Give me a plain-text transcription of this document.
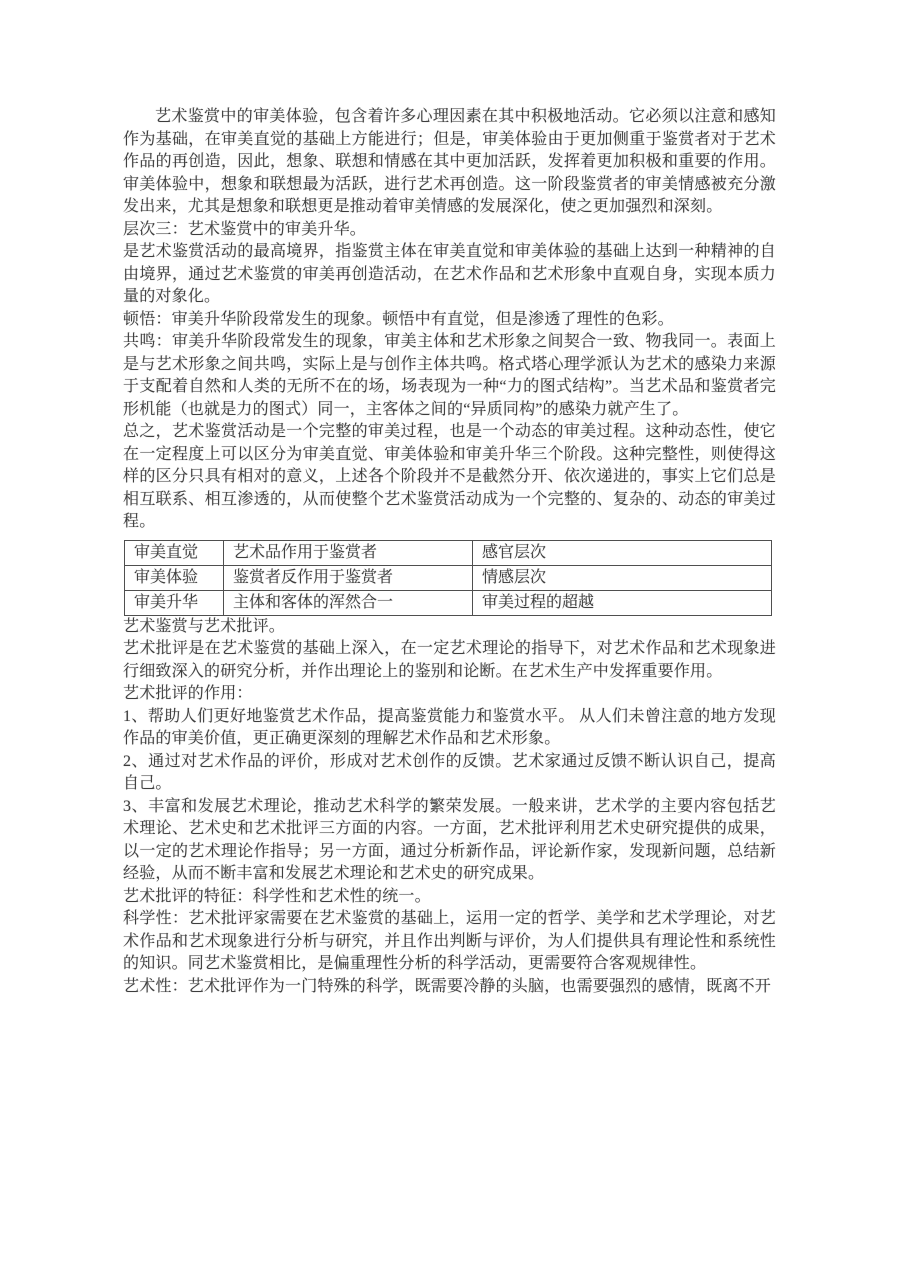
艺术鉴赏中的审美体验，包含着许多心理因素在其中积极地活动。它必须以注意和感知作为基础，在审美直觉的基础上方能进行；但是，审美体验由于更加侧重于鉴赏者对于艺术作品的再创造，因此，想象、联想和情感在其中更加活跃，发挥着更加积极和重要的作用。审美体验中，想象和联想最为活跃，进行艺术再创造。这一阶段鉴赏者的审美情感被充分激发出来，尤其是想象和联想更是推动着审美情感的发展深化，使之更加强烈和深刻。

层次三：艺术鉴赏中的审美升华。

是艺术鉴赏活动的最高境界，指鉴赏主体在审美直觉和审美体验的基础上达到一种精神的自由境界，通过艺术鉴赏的审美再创造活动，在艺术作品和艺术形象中直观自身，实现本质力量的对象化。

顿悟：审美升华阶段常发生的现象。顿悟中有直觉，但是渗透了理性的色彩。

共鸣：审美升华阶段常发生的现象，审美主体和艺术形象之间契合一致、物我同一。表面上是与艺术形象之间共鸣，实际上是与创作主体共鸣。格式塔心理学派认为艺术的感染力来源于支配着自然和人类的无所不在的场，场表现为一种“力的图式结构”。当艺术品和鉴赏者完形机能（也就是力的图式）同一，主客体之间的“异质同构”的感染力就产生了。

总之，艺术鉴赏活动是一个完整的审美过程，也是一个动态的审美过程。这种动态性，使它在一定程度上可以区分为审美直觉、审美体验和审美升华三个阶段。这种完整性，则使得这样的区分只具有相对的意义，上述各个阶段并不是截然分开、依次递进的，事实上它们总是相互联系、相互渗透的，从而使整个艺术鉴赏活动成为一个完整的、复杂的、动态的审美过程。

审美直觉	艺术品作用于鉴赏者	感官层次
审美体验	鉴赏者反作用于鉴赏者	情感层次
审美升华	主体和客体的浑然合一	审美过程的超越

艺术鉴赏与艺术批评。

艺术批评是在艺术鉴赏的基础上深入，在一定艺术理论的指导下，对艺术作品和艺术现象进行细致深入的研究分析，并作出理论上的鉴别和论断。在艺术生产中发挥重要作用。

艺术批评的作用：

1、帮助人们更好地鉴赏艺术作品，提高鉴赏能力和鉴赏水平。 从人们未曾注意的地方发现作品的审美价值，更正确更深刻的理解艺术作品和艺术形象。

2、通过对艺术作品的评价，形成对艺术创作的反馈。艺术家通过反馈不断认识自己，提高自己。

3、丰富和发展艺术理论，推动艺术科学的繁荣发展。一般来讲，艺术学的主要内容包括艺术理论、艺术史和艺术批评三方面的内容。一方面，艺术批评利用艺术史研究提供的成果，以一定的艺术理论作指导；另一方面，通过分析新作品，评论新作家，发现新问题，总结新经验，从而不断丰富和发展艺术理论和艺术史的研究成果。

艺术批评的特征：科学性和艺术性的统一。

科学性：艺术批评家需要在艺术鉴赏的基础上，运用一定的哲学、美学和艺术学理论，对艺术作品和艺术现象进行分析与研究，并且作出判断与评价，为人们提供具有理论性和系统性的知识。同艺术鉴赏相比，是偏重理性分析的科学活动，更需要符合客观规律性。

艺术性：艺术批评作为一门特殊的科学，既需要冷静的头脑，也需要强烈的感情，既离不开
